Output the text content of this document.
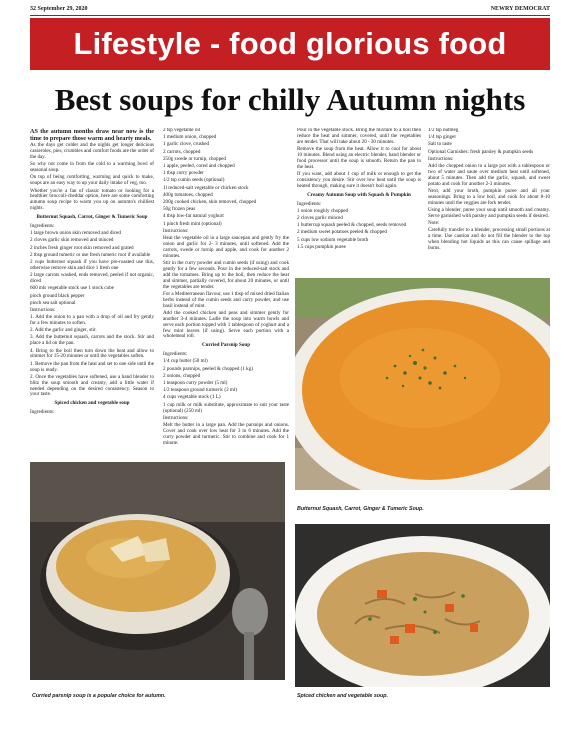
32 September 29, 2020	NEWRY DEMOCRAT
Lifestyle - food glorious food
Best soups for chilly Autumn nights

AS the autumn months draw near now is the time to prepare those warm and hearty meals.

As the days get colder and the nights get longer delicious casseroles, pies, crumbles and comfort foods are the order of the day.

So why not come in from the cold to a warming bowl of seasonal soup.

On top of being comforting, warming and quick to make, soups are an easy way to up your daily intake of veg, too.

Whether you're a fan of classic tomato or looking for a healthier broccoli-cheddar option, here are some comforting autumn soup recipe to warm you up on autumn's chilliest nights.

Butternut Squash, Carrot, Ginger & Tumeric Soup

Ingredients:

1 large brown onion skin removed and diced

2 cloves garlic skin removed and minced

2 inches fresh ginger root skin removed and grated

2 tbsp ground tumeric or use fresh tumeric root if available

2 cups butternut squash if you have pre-roasted use this, otherwise remove skin and dice 1 fresh one

2 large carrots washed, ends removed, peeled if not organic, diced

600 mls vegetable stock use 1 stock cube

pinch ground black pepper

pinch sea salt optional

Instructions:

1. Add the onion to a pan with a drop of oil and fry gently for a few minutes to soften.

2. Add the garlic and ginger, stir.

3. Add the butternut squash, carrots and the stock. Stir and place a lid on the pan.

4. Bring to the boil then turn down the heat and allow to simmer for 15-20 minutes or until the vegetables soften.

1. Remove the pan from the heat and set to one side until the soup is ready.

2. Once the vegetables have softened, use a hand blender to blitz the soup smooth and creamy, add a little water if needed depending on the desired consistency. Season to your taste.

Spiced chicken and vegetable soup

Ingredients:

2 tsp vegetable oil

1 medium onion, chopped

1 garlic clove, crushed

2 carrots, chopped

250g swede or turnip, chopped

1 apple, peeled, cored and chopped

1 tbsp curry powder

1/2 tsp cumin seeds (optional)

1l reduced-salt vegetable or chicken stock

400g tomatoes, chopped

200g cooked chicken, skin removed, chopped

50g frozen peas

4 tbsp low-fat natural yoghurt

1 pinch fresh mint (optional)

Instructions:

Heat the vegetable oil in a large saucepan and gently fry the onion and garlic for 2- 3 minutes, until softened. Add the carrots, swede or turnip and apple, and cook for another 2 minutes.

Stir in the curry powder and cumin seeds (if using) and cook gently for a few seconds. Pour in the reduced-salt stock and add the tomatoes. Bring up to the boil, then reduce the heat and simmer, partially covered, for about 20 minutes, or until the vegetables are tender.

For a Mediterranean flavour, use 1 tbsp of mixed dried Italian herbs instead of the cumin seeds and curry powder, and use basil instead of mint.

Add the cooked chicken and peas and simmer gently for another 3-4 minutes. Ladle the soup into warm bowls and serve each portion topped with 1 tablespoon of yoghurt and a few mint leaves (if using). Serve each portion with a wholemeal roll.

Curried Parsnip Soup

Ingredients:

1/4 cup butter (50 ml)

2 pounds parsnips, peeled & chopped (1 kg)

2 onions, chopped

1 teaspoon curry powder (5 ml)

1/2 teaspoon ground turmeric (2 ml)

4 cups vegetable stock (1 L)

1 cup milk or milk substitute, approximate to suit your taste (optional) (250 ml)

Instructions:

Melt the butter in a large pan. Add the parsnips and onions. Cover and cook over low heat for 3 to 6 minutes. Add the curry powder and turmeric. Stir to combine and cook for 1 minute.

Pour in the vegetable stock. Bring the mixture to a boil then reduce the heat and simmer, covered, until the vegetables are tender. That will take about 20 - 30 minutes.

Remove the soup from the heat. Allow it to cool for about 10 minutes. Blend using an electric blender, hand blender or food processor until the soup is smooth. Return the pan to the heat.

If you want, add about 1 cup of milk or enough to get the consistency you desire. Stir over low heat until the soup is heated through, making sure it doesn't boil again.

Creamy Autumn Soup with Squash & Pumpkin

Ingredients:

1 onion roughly chopped

2 cloves garlic minced

1 buttercup squash peeled & chopped, seeds removed

2 medium sweet potatoes peeled & chopped

5 cups low sodium vegetable broth

1.5 cups pumpkin puree

1/2 tsp nutmeg

1/4 tsp ginger

Salt to taste

Optional Garnishes: fresh parsley & pumpkin seeds

Instructions:

Add the chopped onion to a large pot with a tablespoon or two of water and saute over medium heat until softened, about 5 minutes. Then add the garlic, squash, and sweet potato and cook for another 2-3 minutes.

Next, add your broth, pumpkin puree and all your seasonings. Bring to a low boil, and cook for about 8-10 minutes until the veggies are fork tender.

Using a blender, puree your soup until smooth and creamy. Serve garnished with parsley and pumpkin seeds if desired.

Note:

Carefully transfer to a blender, processing small portions at a time. Use caution and do not fill the blender to the top when blending hot liquids as this can cause spillage and burns.

Butternut Squash, Carrot, Ginger & Tumeric Soup.
Curried parsnip soup is a popular choice for autumn.	Spiced chicken and vegetable soup.
